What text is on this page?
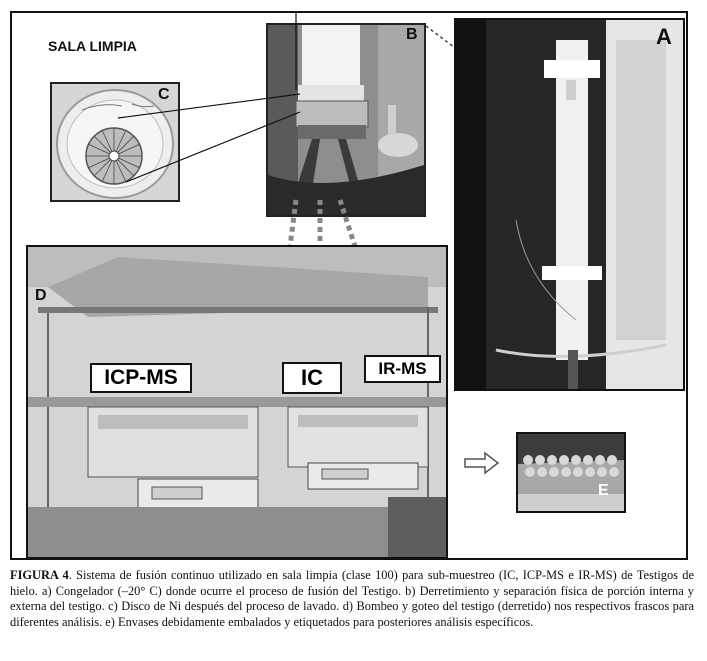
SALA LIMPIA
C
B	A
D
ICP-MS	IC	IR-MS
E
FIGURA 4. Sistema de fusión continuo utilizado en sala limpia (clase 100) para sub-muestreo (IC, ICP-MS e IR-MS) de Testigos de hielo. a) Congelador (–20° C) donde ocurre el proceso de fusión del Testigo. b) Derretimiento y separación física de porción interna y externa del testigo. c) Disco de Ni después del proceso de lavado. d) Bombeo y goteo del testigo (derretido) nos respectivos frascos para diferentes análisis. e) Envases debidamente embalados y etiquetados para posteriores análisis específicos.
